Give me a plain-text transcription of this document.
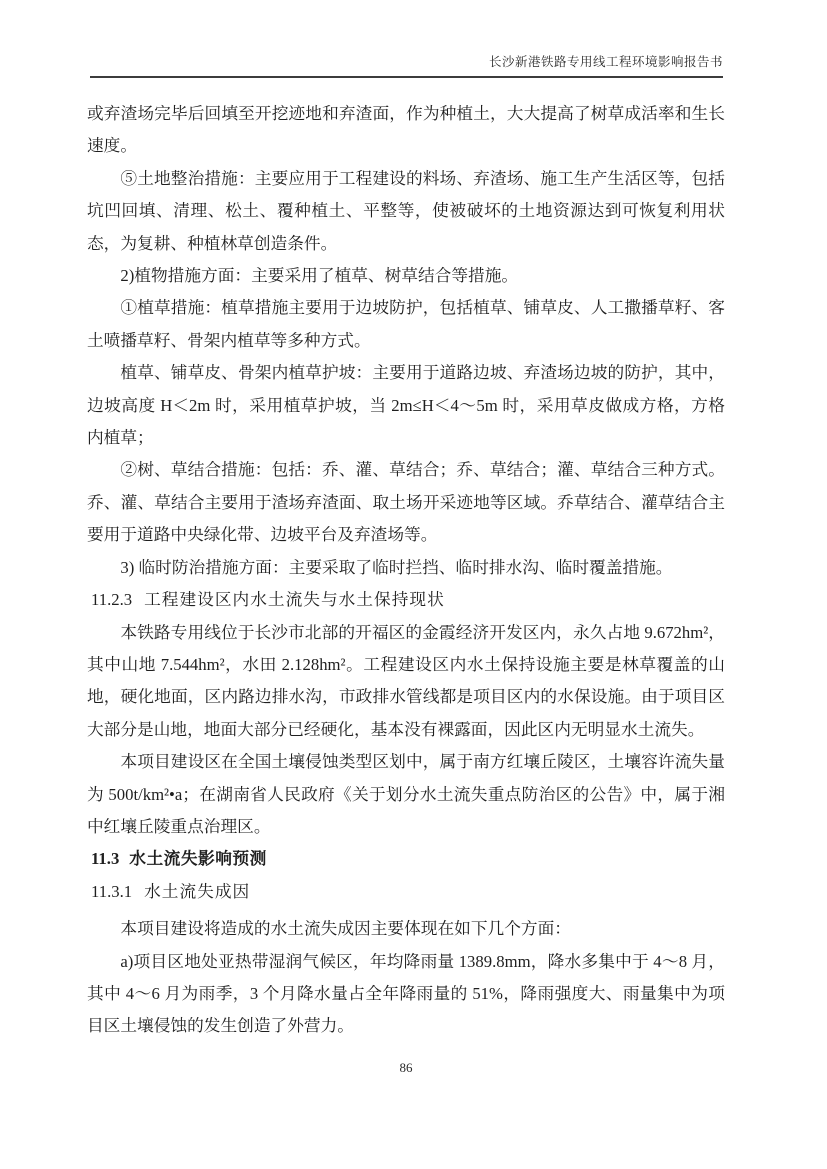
长沙新港铁路专用线工程环境影响报告书

或弃渣场完毕后回填至开挖迹地和弃渣面，作为种植土，大大提高了树草成活率和生长速度。

⑤土地整治措施：主要应用于工程建设的料场、弃渣场、施工生产生活区等，包括坑凹回填、清理、松土、覆种植土、平整等，使被破坏的土地资源达到可恢复利用状态，为复耕、种植林草创造条件。

2)植物措施方面：主要采用了植草、树草结合等措施。

①植草措施：植草措施主要用于边坡防护，包括植草、铺草皮、人工撒播草籽、客土喷播草籽、骨架内植草等多种方式。

植草、铺草皮、骨架内植草护坡：主要用于道路边坡、弃渣场边坡的防护，其中，边坡高度 H＜2m 时，采用植草护坡，当 2m≤H＜4～5m 时，采用草皮做成方格，方格内植草；

②树、草结合措施：包括：乔、灌、草结合；乔、草结合；灌、草结合三种方式。乔、灌、草结合主要用于渣场弃渣面、取土场开采迹地等区域。乔草结合、灌草结合主要用于道路中央绿化带、边坡平台及弃渣场等。

3) 临时防治措施方面：主要采取了临时拦挡、临时排水沟、临时覆盖措施。

11.2.3 工程建设区内水土流失与水土保持现状

本铁路专用线位于长沙市北部的开福区的金霞经济开发区内，永久占地 9.672hm²，其中山地 7.544hm²，水田 2.128hm²。工程建设区内水土保持设施主要是林草覆盖的山地，硬化地面，区内路边排水沟，市政排水管线都是项目区内的水保设施。由于项目区大部分是山地，地面大部分已经硬化，基本没有裸露面，因此区内无明显水土流失。

本项目建设区在全国土壤侵蚀类型区划中，属于南方红壤丘陵区，土壤容许流失量为 500t/km²•a；在湖南省人民政府《关于划分水土流失重点防治区的公告》中，属于湘中红壤丘陵重点治理区。

11.3 水土流失影响预测
11.3.1 水土流失成因

本项目建设将造成的水土流失成因主要体现在如下几个方面：

a)项目区地处亚热带湿润气候区，年均降雨量 1389.8mm，降水多集中于 4～8 月，其中 4～6 月为雨季，3 个月降水量占全年降雨量的 51%，降雨强度大、雨量集中为项目区土壤侵蚀的发生创造了外营力。

86
